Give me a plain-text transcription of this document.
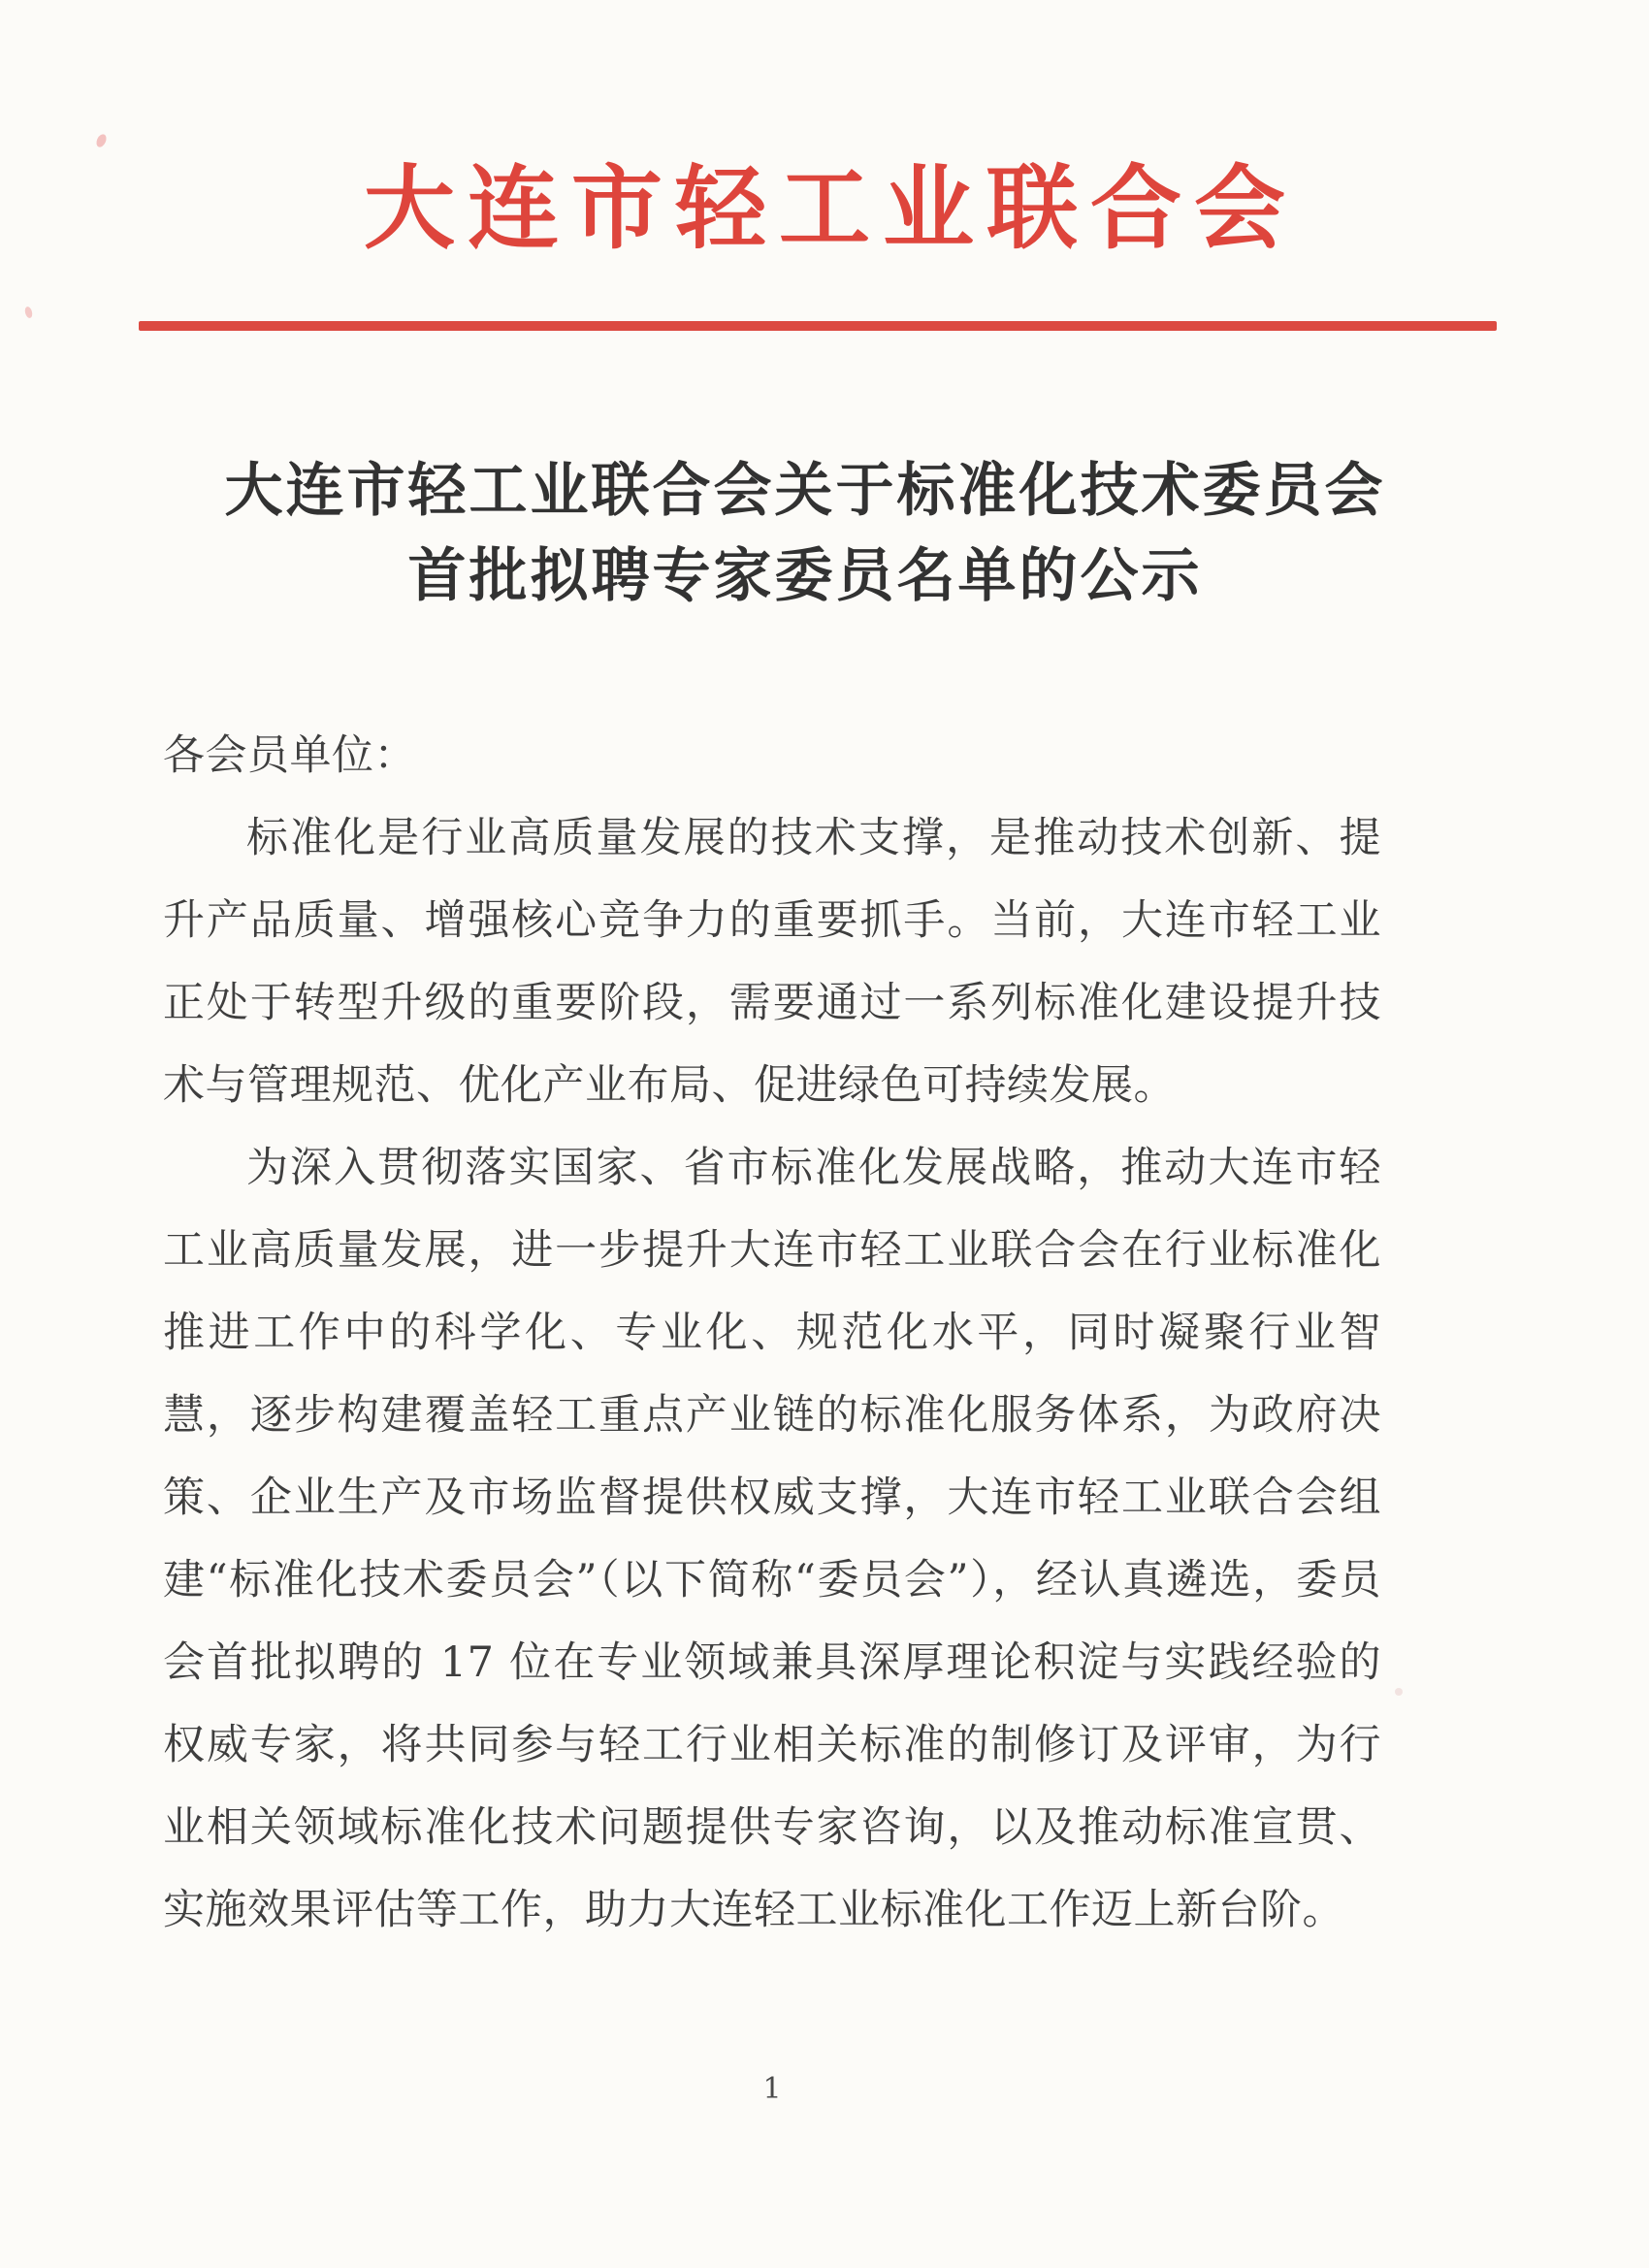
大连市轻工业联合会
大连市轻工业联合会关于标准化技术委员会
首批拟聘专家委员名单的公示

各会员单位：

标准化是行业高质量发展的技术支撑，是推动技术创新、提升产品质量、增强核心竞争力的重要抓手。当前，大连市轻工业正处于转型升级的重要阶段，需要通过一系列标准化建设提升技术与管理规范、优化产业布局、促进绿色可持续发展。

为深入贯彻落实国家、省市标准化发展战略，推动大连市轻工业高质量发展，进一步提升大连市轻工业联合会在行业标准化推进工作中的科学化、专业化、规范化水平，同时凝聚行业智慧，逐步构建覆盖轻工重点产业链的标准化服务体系，为政府决策、企业生产及市场监督提供权威支撑，大连市轻工业联合会组建“标准化技术委员会”（以下简称“委员会”），经认真遴选，委员会首批拟聘的 17 位在专业领域兼具深厚理论积淀与实践经验的权威专家，将共同参与轻工行业相关标准的制修订及评审，为行业相关领域标准化技术问题提供专家咨询，以及推动标准宣贯、实施效果评估等工作，助力大连轻工业标准化工作迈上新台阶。

1
